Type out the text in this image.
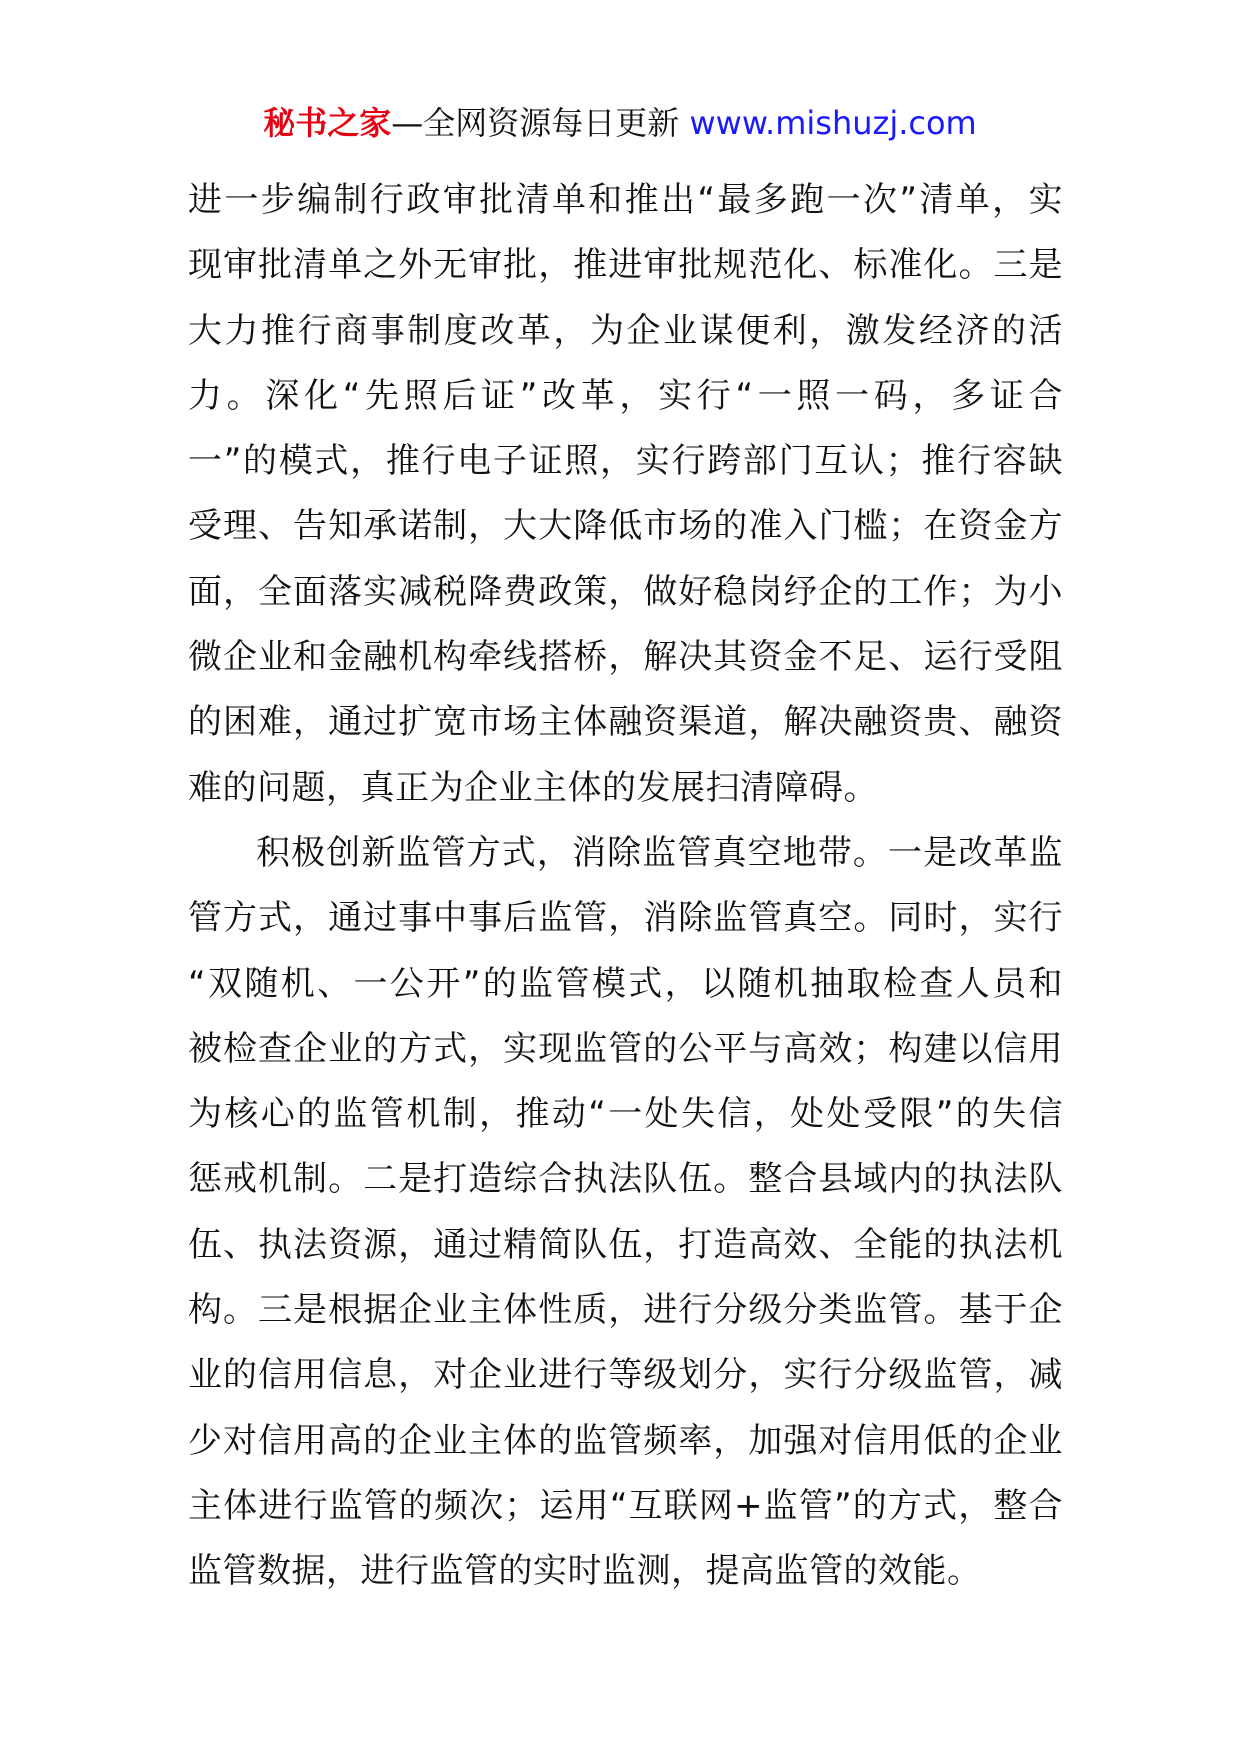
秘书之家—全网资源每日更新 www.mishuzj.com
进一步编制行政审批清单和推出“最多跑一次”清单，实
现审批清单之外无审批，推进审批规范化、标准化。三是
大力推行商事制度改革，为企业谋便利，激发经济的活
力。深化“先照后证”改革，实行“一照一码，多证合
一”的模式，推行电子证照，实行跨部门互认；推行容缺
受理、告知承诺制，大大降低市场的准入门槛；在资金方
面，全面落实减税降费政策，做好稳岗纾企的工作；为小
微企业和金融机构牵线搭桥，解决其资金不足、运行受阻
的困难，通过扩宽市场主体融资渠道，解决融资贵、融资
难的问题，真正为企业主体的发展扫清障碍。
积极创新监管方式，消除监管真空地带。一是改革监
管方式，通过事中事后监管，消除监管真空。同时，实行
“双随机、一公开”的监管模式，以随机抽取检查人员和
被检查企业的方式，实现监管的公平与高效；构建以信用
为核心的监管机制，推动“一处失信，处处受限”的失信
惩戒机制。二是打造综合执法队伍。整合县域内的执法队
伍、执法资源，通过精简队伍，打造高效、全能的执法机
构。三是根据企业主体性质，进行分级分类监管。基于企
业的信用信息，对企业进行等级划分，实行分级监管，减
少对信用高的企业主体的监管频率，加强对信用低的企业
主体进行监管的频次；运用“互联网+监管”的方式，整合
监管数据，进行监管的实时监测，提高监管的效能。
